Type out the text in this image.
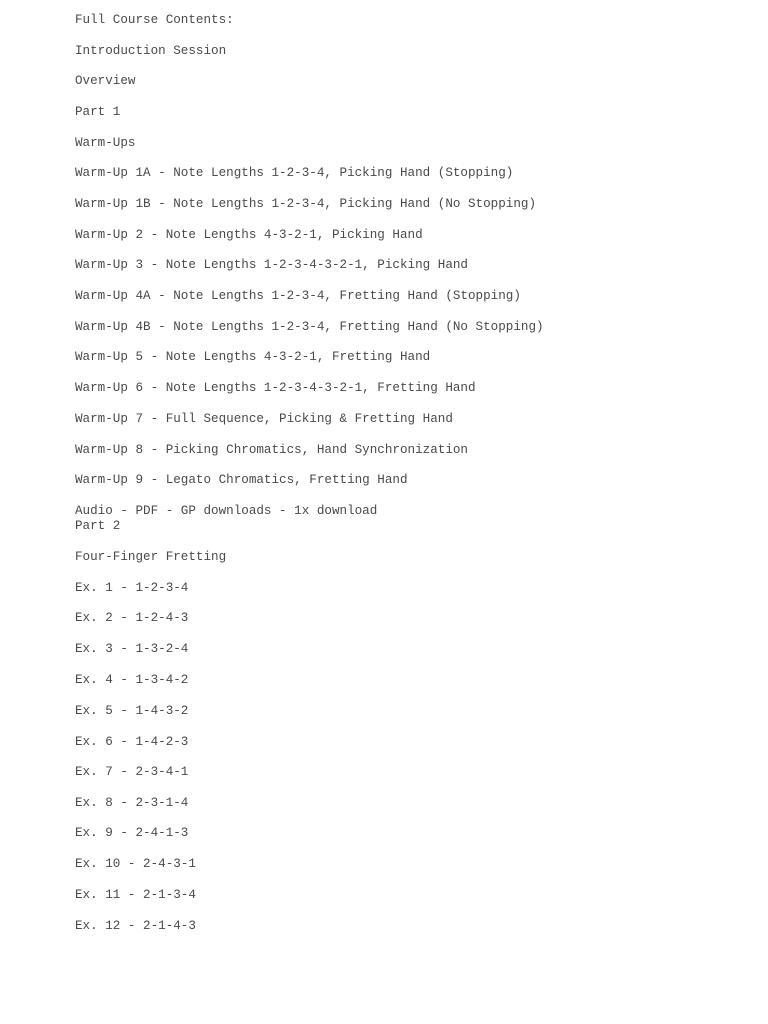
Full Course Contents:

Introduction Session

Overview

Part 1

Warm-Ups

Warm-Up 1A - Note Lengths 1-2-3-4, Picking Hand (Stopping)

Warm-Up 1B - Note Lengths 1-2-3-4, Picking Hand (No Stopping)

Warm-Up 2 - Note Lengths 4-3-2-1, Picking Hand

Warm-Up 3 - Note Lengths 1-2-3-4-3-2-1, Picking Hand

Warm-Up 4A - Note Lengths 1-2-3-4, Fretting Hand (Stopping)

Warm-Up 4B - Note Lengths 1-2-3-4, Fretting Hand (No Stopping)

Warm-Up 5 - Note Lengths 4-3-2-1, Fretting Hand

Warm-Up 6 - Note Lengths 1-2-3-4-3-2-1, Fretting Hand

Warm-Up 7 - Full Sequence, Picking & Fretting Hand

Warm-Up 8 - Picking Chromatics, Hand Synchronization

Warm-Up 9 - Legato Chromatics, Fretting Hand

Audio - PDF - GP downloads - 1x download

Part 2

Four-Finger Fretting

Ex. 1 - 1-2-3-4

Ex. 2 - 1-2-4-3

Ex. 3 - 1-3-2-4

Ex. 4 - 1-3-4-2

Ex. 5 - 1-4-3-2

Ex. 6 - 1-4-2-3

Ex. 7 - 2-3-4-1

Ex. 8 - 2-3-1-4

Ex. 9 - 2-4-1-3

Ex. 10 - 2-4-3-1

Ex. 11 - 2-1-3-4

Ex. 12 - 2-1-4-3
